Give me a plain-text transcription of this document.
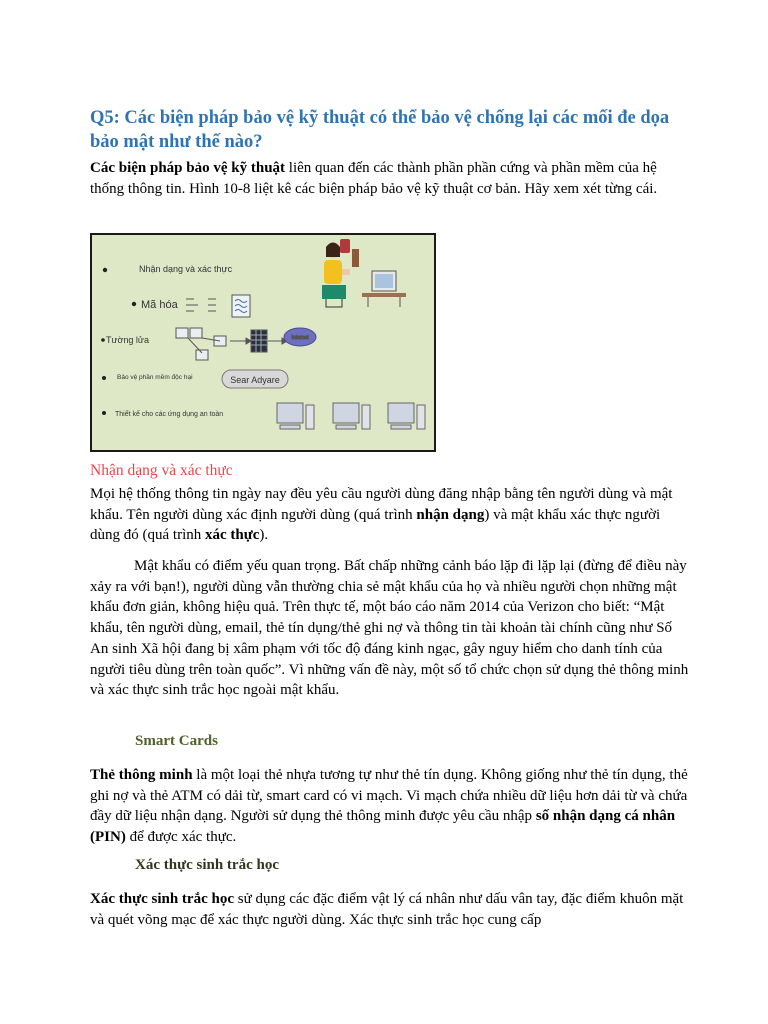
Q5: Các biện pháp bảo vệ kỹ thuật có thể bảo vệ chống lại các mối đe dọa bảo mật như thế nào?

Các biện pháp bảo vệ kỹ thuật liên quan đến các thành phần phần cứng và phần mềm của hệ thống thông tin. Hình 10-8 liệt kê các biện pháp bảo vệ kỹ thuật cơ bản. Hãy xem xét từng cái.

Nhận dạng và xác thực
Mã hóa
Tường lửa	Internet
Bảo vệ phần mềm độc hại	Sear Adyare
Thiết kế cho các ứng dụng an toàn
Nhận dạng và xác thực

Mọi hệ thống thông tin ngày nay đều yêu cầu người dùng đăng nhập bằng tên người dùng và mật khẩu. Tên người dùng xác định người dùng (quá trình nhận dạng) và mật khẩu xác thực người dùng đó (quá trình xác thực).

Mật khẩu có điểm yếu quan trọng. Bất chấp những cảnh báo lặp đi lặp lại (đừng để điều này xảy ra với bạn!), người dùng vẫn thường chia sẻ mật khẩu của họ và nhiều người chọn những mật khẩu đơn giản, không hiệu quả. Trên thực tế, một báo cáo năm 2014 của Verizon cho biết: “Mật khẩu, tên người dùng, email, thẻ tín dụng/thẻ ghi nợ và thông tin tài khoản tài chính cũng như Số An sinh Xã hội đang bị xâm phạm với tốc độ đáng kinh ngạc, gây nguy hiểm cho danh tính của người tiêu dùng trên toàn quốc”. Vì những vấn đề này, một số tổ chức chọn sử dụng thẻ thông minh và xác thực sinh trắc học ngoài mật khẩu.

Smart Cards

Thẻ thông minh là một loại thẻ nhựa tương tự như thẻ tín dụng. Không giống như thẻ tín dụng, thẻ ghi nợ và thẻ ATM có dải từ, smart card có vi mạch. Vi mạch chứa nhiều dữ liệu hơn dải từ và chứa đầy dữ liệu nhận dạng. Người sử dụng thẻ thông minh được yêu cầu nhập số nhận dạng cá nhân (PIN) để được xác thực.

Xác thực sinh trắc học

Xác thực sinh trắc học sử dụng các đặc điểm vật lý cá nhân như dấu vân tay, đặc điểm khuôn mặt và quét võng mạc để xác thực người dùng. Xác thực sinh trắc học cung cấp
